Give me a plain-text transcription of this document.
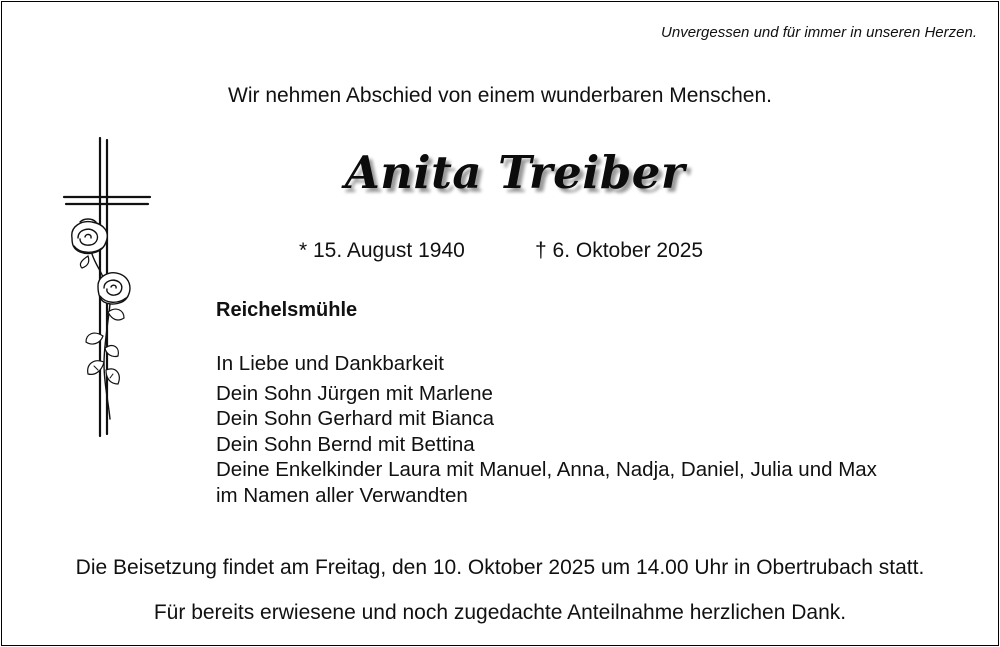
Unvergessen und für immer in unseren Herzen.
Wir nehmen Abschied von einem wunderbaren Menschen.
Anita Treiber
* 15. August 1940	† 6. Oktober 2025
Reichelsmühle
In Liebe und Dankbarkeit
Dein Sohn Jürgen mit Marlene
Dein Sohn Gerhard mit Bianca
Dein Sohn Bernd mit Bettina
Deine Enkelkinder Laura mit Manuel, Anna, Nadja, Daniel, Julia und Max
im Namen aller Verwandten
Die Beisetzung findet am Freitag, den 10. Oktober 2025 um 14.00 Uhr in Obertrubach statt.
Für bereits erwiesene und noch zugedachte Anteilnahme herzlichen Dank.
